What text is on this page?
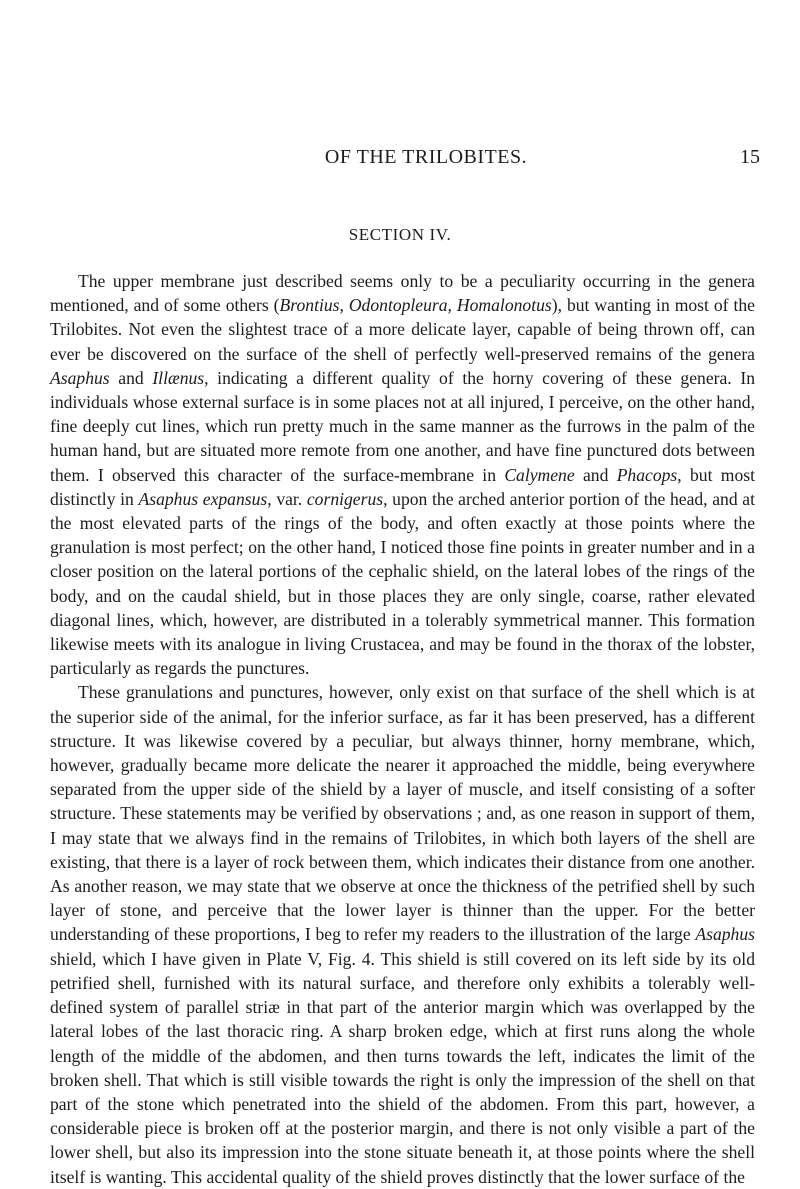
OF THE TRILOBITES.	15
SECTION IV.

The upper membrane just described seems only to be a peculiarity occurring in the genera mentioned, and of some others (Brontius, Odontopleura, Homalonotus), but wanting in most of the Trilobites. Not even the slightest trace of a more delicate layer, capable of being thrown off, can ever be discovered on the surface of the shell of perfectly well-preserved remains of the genera Asaphus and Illænus, indicating a different quality of the horny covering of these genera. In individuals whose external surface is in some places not at all injured, I perceive, on the other hand, fine deeply cut lines, which run pretty much in the same manner as the furrows in the palm of the human hand, but are situated more remote from one another, and have fine punctured dots between them. I observed this character of the surface-membrane in Calymene and Phacops, but most distinctly in Asaphus expansus, var. cornigerus, upon the arched anterior portion of the head, and at the most elevated parts of the rings of the body, and often exactly at those points where the granulation is most perfect; on the other hand, I noticed those fine points in greater number and in a closer position on the lateral portions of the cephalic shield, on the lateral lobes of the rings of the body, and on the caudal shield, but in those places they are only single, coarse, rather elevated diagonal lines, which, however, are distributed in a tolerably symmetrical manner. This formation likewise meets with its analogue in living Crustacea, and may be found in the thorax of the lobster, particularly as regards the punctures.

These granulations and punctures, however, only exist on that surface of the shell which is at the superior side of the animal, for the inferior surface, as far it has been preserved, has a different structure. It was likewise covered by a peculiar, but always thinner, horny membrane, which, however, gradually became more delicate the nearer it approached the middle, being everywhere separated from the upper side of the shield by a layer of muscle, and itself consisting of a softer structure. These statements may be verified by observations ; and, as one reason in support of them, I may state that we always find in the remains of Trilobites, in which both layers of the shell are existing, that there is a layer of rock between them, which indicates their distance from one another. As another reason, we may state that we observe at once the thickness of the petrified shell by such layer of stone, and perceive that the lower layer is thinner than the upper. For the better understanding of these proportions, I beg to refer my readers to the illustration of the large Asaphus shield, which I have given in Plate V, Fig. 4. This shield is still covered on its left side by its old petrified shell, furnished with its natural surface, and therefore only exhibits a tolerably well-defined system of parallel striæ in that part of the anterior margin which was overlapped by the lateral lobes of the last thoracic ring. A sharp broken edge, which at first runs along the whole length of the middle of the abdomen, and then turns towards the left, indicates the limit of the broken shell. That which is still visible towards the right is only the impression of the shell on that part of the stone which penetrated into the shield of the abdomen. From this part, however, a considerable piece is broken off at the posterior margin, and there is not only visible a part of the lower shell, but also its impression into the stone situate beneath it, at those points where the shell itself is wanting. This accidental quality of the shield proves distinctly that the lower surface of the
